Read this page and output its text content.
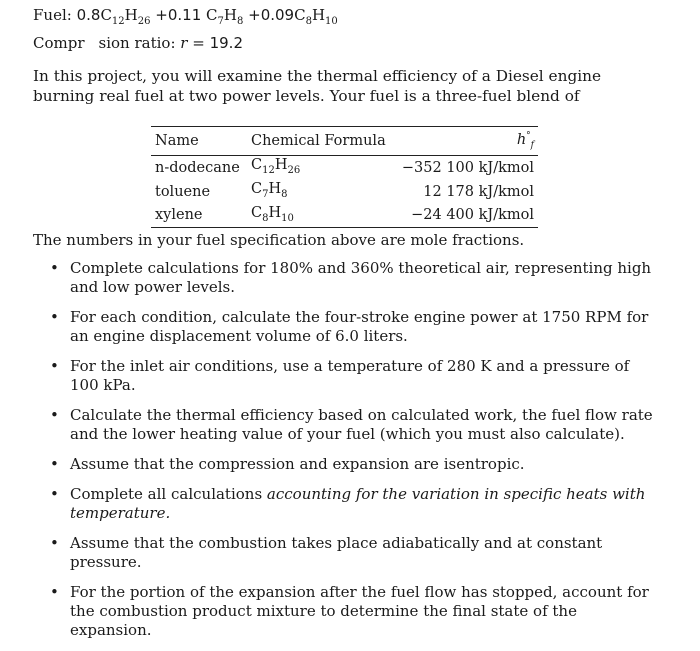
Fuel: $0.8C_{12}H_{26} +0.11$ $C_7H_8 +0.09C_8H_{10}$
Compr sion ratio: r = 19.2
In this project, you will examine the thermal efficiency of a Diesel engine burning real fuel at two power levels. Your fuel is a three-fuel blend of
Name	Chemical Formula	$h^\circ_f$
n-dodecane	$C_{12}H_{26}$	−352 100 kJ/kmol
toluene	$C_7H_8$	12 178 kJ/kmol
xylene	$C_8H_{10}$	−24 400 kJ/kmol
The numbers in your fuel specification above are mole fractions.
• Complete calculations for 180% and 360% theoretical air, representing high and low power levels.
• For each condition, calculate the four-stroke engine power at 1750 RPM for an engine displacement volume of 6.0 liters.
• For the inlet air conditions, use a temperature of 280 K and a pressure of 100 kPa.
• Calculate the thermal efficiency based on calculated work, the fuel flow rate and the lower heating value of your fuel (which you must also calculate).
• Assume that the compression and expansion are isentropic.
• Complete all calculations accounting for the variation in specific heats with temperature.
• Assume that the combustion takes place adiabatically and at constant pressure.
• For the portion of the expansion after the fuel flow has stopped, account for the combustion product mixture to determine the final state of the expansion.
